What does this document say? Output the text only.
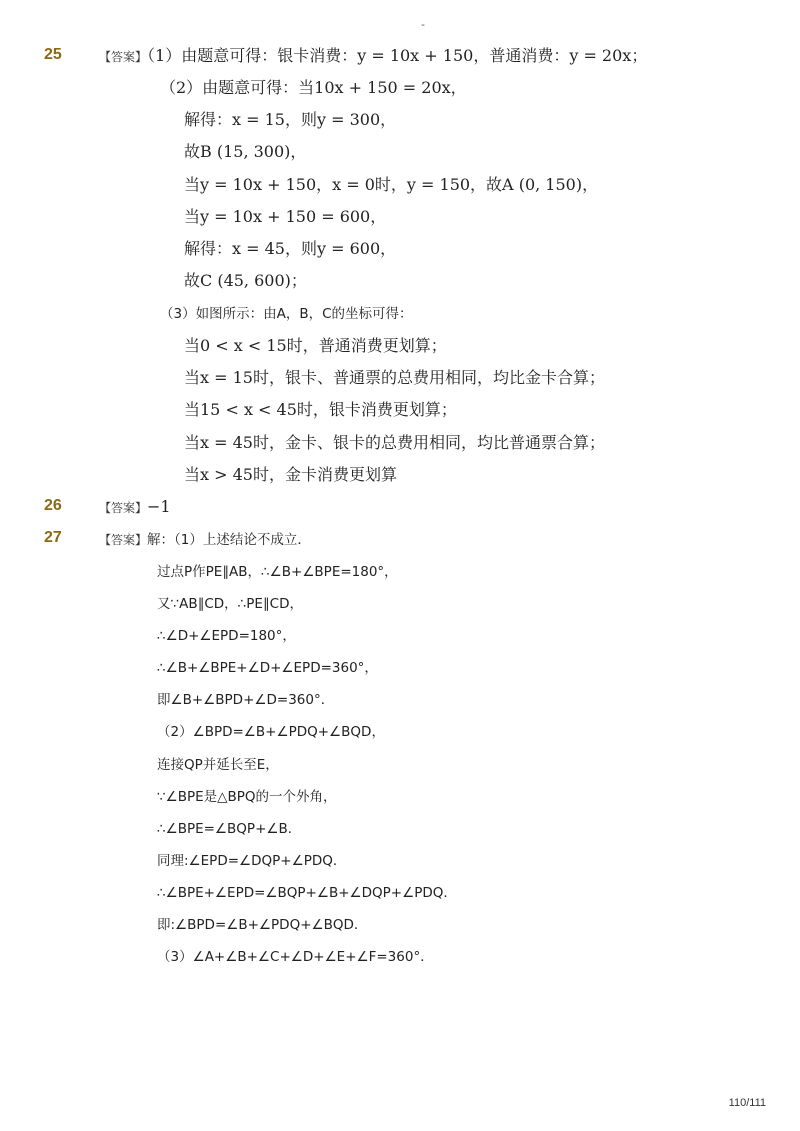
-
25	【答案】（1）由题意可得：银卡消费：y = 10x + 150，普通消费：y = 20x；
（2）由题意可得：当10x + 150 = 20x，
解得：x = 15，则y = 300，
故B (15, 300)，
当y = 10x + 150，x = 0时，y = 150，故A (0, 150)，
当y = 10x + 150 = 600，
解得：x = 45，则y = 600，
故C (45, 600)；
（3）如图所示：由A，B，C的坐标可得：
当0 < x < 15时，普通消费更划算；
当x = 15时，银卡、普通票的总费用相同，均比金卡合算；
当15 < x < 45时，银卡消费更划算；
当x = 45时，金卡、银卡的总费用相同，均比普通票合算；
当x > 45时，金卡消费更划算
26	【答案】−1
27	【答案】解：（1）上述结论不成立．
过点P作PE∥AB，∴∠B+∠BPE=180°，
又∵AB∥CD，∴PE∥CD，
∴∠D+∠EPD=180°，
∴∠B+∠BPE+∠D+∠EPD=360°，
即∠B+∠BPD+∠D=360°．
（2）∠BPD=∠B+∠PDQ+∠BQD，
连接QP并延长至E，
∵∠BPE是△BPQ的一个外角，
∴∠BPE=∠BQP+∠B．
同理:∠EPD=∠DQP+∠PDQ．
∴∠BPE+∠EPD=∠BQP+∠B+∠DQP+∠PDQ．
即:∠BPD=∠B+∠PDQ+∠BQD．
（3）∠A+∠B+∠C+∠D+∠E+∠F=360°．
110/111
